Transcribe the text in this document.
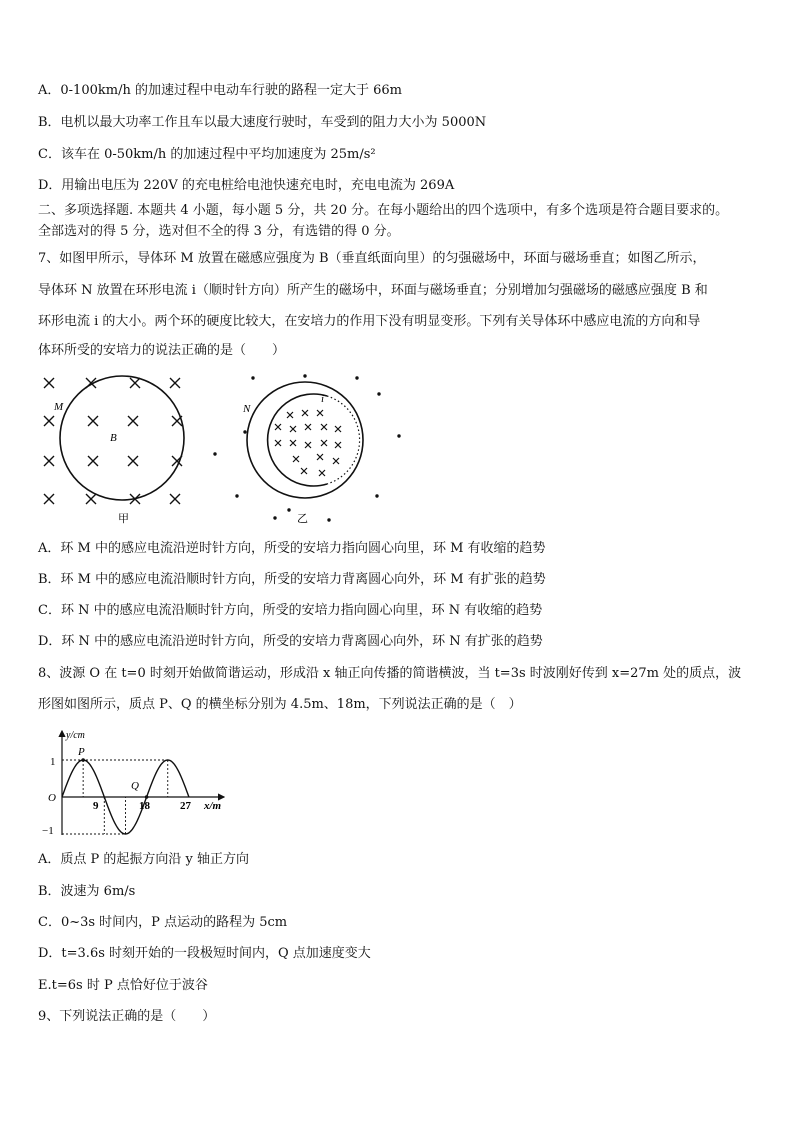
A．0-100km/h 的加速过程中电动车行驶的路程一定大于 66m
B．电机以最大功率工作且车以最大速度行驶时，车受到的阻力大小为 5000N
C．该车在 0-50km/h 的加速过程中平均加速度为 25m/s²
D．用输出电压为 220V 的充电桩给电池快速充电时，充电电流为 269A
二、多项选择题. 本题共 4 小题，每小题 5 分，共 20 分。在每小题给出的四个选项中，有多个选项是符合题目要求的。
全部选对的得 5 分，选对但不全的得 3 分，有选错的得 0 分。
7、如图甲所示，导体环 M 放置在磁感应强度为 B（垂直纸面向里）的匀强磁场中，环面与磁场垂直；如图乙所示，
导体环 N 放置在环形电流 i（顺时针方向）所产生的磁场中，环面与磁场垂直；分别增加匀强磁场的磁感应强度 B 和
环形电流 i 的大小。两个环的硬度比较大，在安培力的作用下没有明显变形。下列有关导体环中感应电流的方向和导
体环所受的安培力的说法正确的是（　　）
M
B
甲
N
i
乙
A．环 M 中的感应电流沿逆时针方向，所受的安培力指向圆心向里，环 M 有收缩的趋势
B．环 M 中的感应电流沿顺时针方向，所受的安培力背离圆心向外，环 M 有扩张的趋势
C．环 N 中的感应电流沿顺时针方向，所受的安培力指向圆心向里，环 N 有收缩的趋势
D．环 N 中的感应电流沿逆时针方向，所受的安培力背离圆心向外，环 N 有扩张的趋势
8、波源 O 在 t=0 时刻开始做简谐运动，形成沿 x 轴正向传播的简谐横波，当 t=3s 时波刚好传到 x=27m 处的质点，波
形图如图所示，质点 P、Q 的横坐标分别为 4.5m、18m，下列说法正确的是（　）
y/cm
x/m
O
1
−1
9	18	27
P
Q
A．质点 P 的起振方向沿 y 轴正方向
B．波速为 6m/s
C．0~3s 时间内，P 点运动的路程为 5cm
D．t=3.6s 时刻开始的一段极短时间内，Q 点加速度变大
E.t=6s 时 P 点恰好位于波谷
9、下列说法正确的是（　　）
